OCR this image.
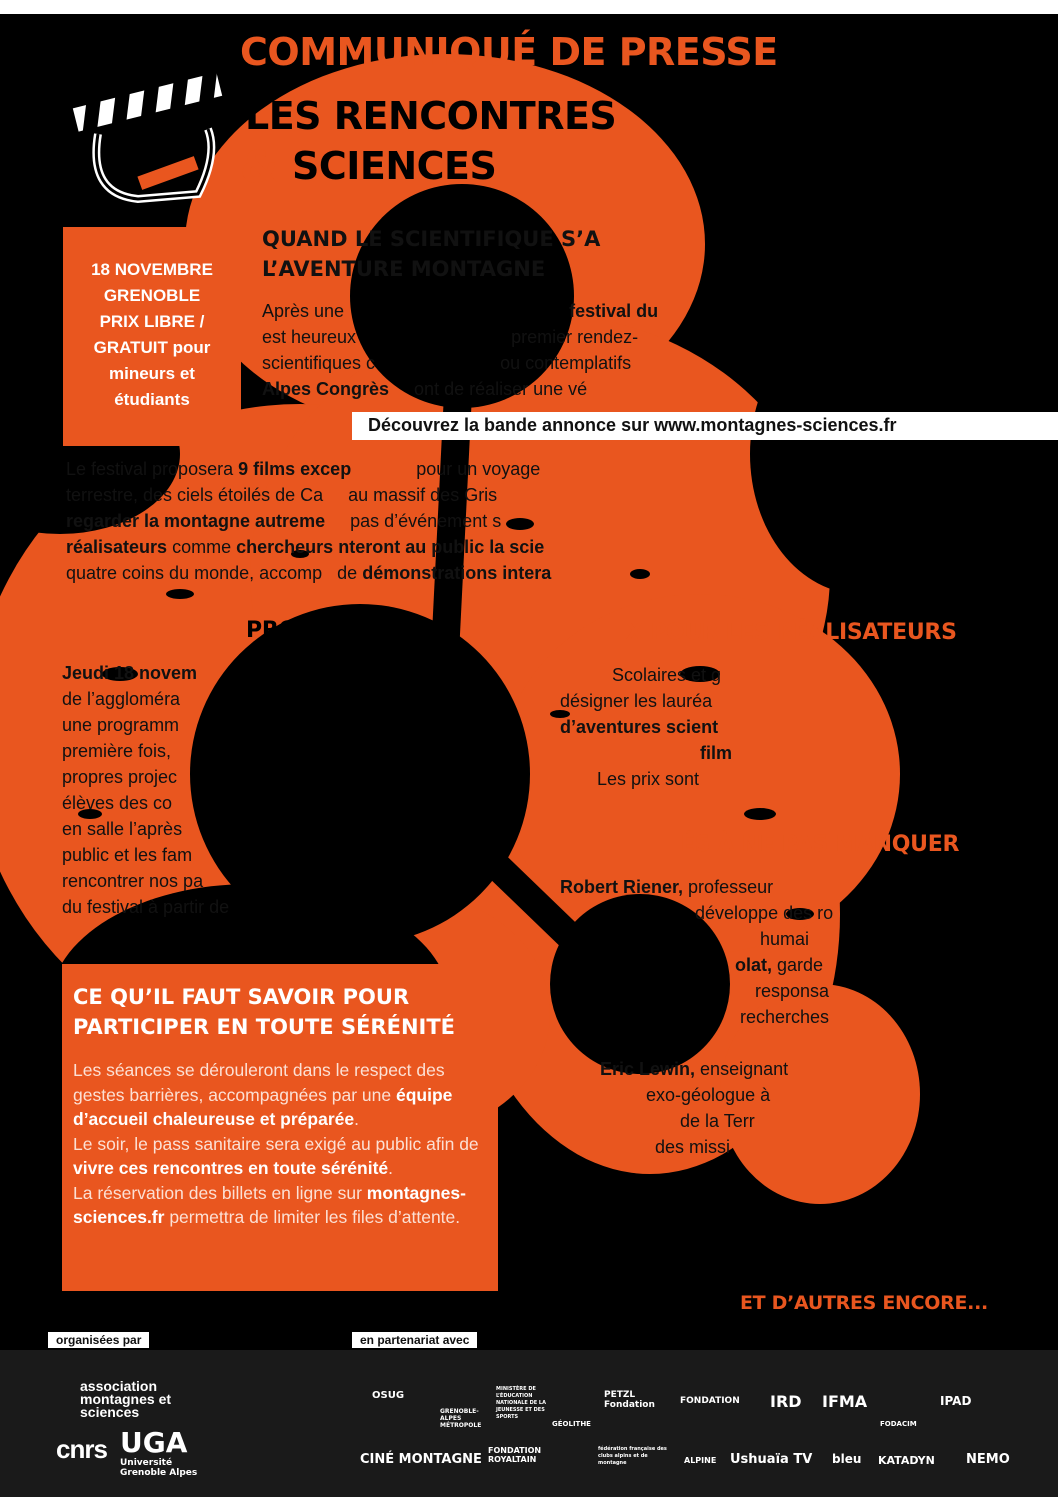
COMMUNIQUÉ DE PRESSE
LES RENCONTRES
& SCIENCES
18 NOVEMBRE
GRENOBLE
PRIX LIBRE /
GRATUIT pour
mineurs et
étudiants
QUAND LE SCIENTIFIQUE S’A
L’AVENTURE MONTAGNE
Après une	festival du
est heureux	premier rendez-
scientifiques c	ou contemplatifs
Alpes Congrès ont de réaliser une vé
Découvrez la bande annonce sur www.montagnes-sciences.fr
Le festival proposera 9 films excep	pour un voyage
terrestre, des ciels étoilés de Ca au massif des Gris
regarder la montagne autreme pas d’événement s
réalisateurs comme chercheurs nteront au public la scie
quatre coins du monde, accomp de démonstrations intera
PROJECTIONS
Jeudi 18 novem
de l’aggloméra
une programm
première fois,
propres projec
élèves des co
en salle l’après
public et les fam
rencontrer nos pa
du festival à partir de
X POUR LES RÉALISATEURS
Scolaires et g
désigner les lauréa
d’aventures scient
film
Les prix sont
ÉS À NE PAS MANQUER
Robert Riener, professeur
développe des ro
humai
olat, garde
responsa
recherches
Eric Lewin, enseignant
exo-géologue à
de la Terr
des missi
CE QU’IL FAUT SAVOIR POUR PARTICIPER EN TOUTE SÉRÉNITÉ

Les séances se dérouleront dans le respect des gestes barrières, accompagnées par une équipe d’accueil chaleureuse et préparée.

Le soir, le pass sanitaire sera exigé au public afin de vivre ces rencontres en toute sérénité.

La réservation des billets en ligne sur montagnes-sciences.fr permettra de limiter les files d’attente.

ET D’AUTRES ENCORE...
organisées par	en partenariat avec
association montagnes et sciences
cnrs UGA
Université Grenoble Alpes
OSUG
GRENOBLE-ALPES MÉTROPOLE
MINISTÈRE DE L’ÉDUCATION NATIONALE DE LA JEUNESSE ET DES SPORTS
GÉOLITHE
PETZL Fondation	FONDATION IRD IFMA
FODACIM
IPAD
CINÉ MONTAGNE
FONDATION ROYALTAIN
fédération française des clubs alpins et de montagne	ALPINE Ushuaïa TV bleu KATADYN NEMO
